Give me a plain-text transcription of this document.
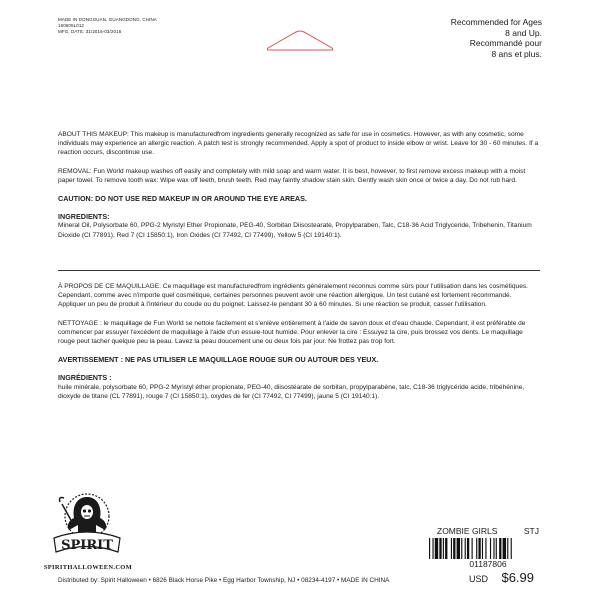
MADE IN DONGGUAN, GUANGDONG, CHINA
160605L012
MFG. DATE: 31/2016-03/2016
Recommended for Ages
8 and Up.
Recommandé pour
8 ans et plus.

ABOUT THIS MAKEUP: This makeup is manufacturedfrom ingredients generally recognized as safe for use in cosmetics. However, as with any cosmetic, some individuals may experience an allergic reaction. A patch test is strongly recommended. Apply a spot of product to inside elbow or wrist. Leave for 30 - 60 minutes. If a reaction occurs, discontinue use.

REMOVAL: Fun World makeup washes off easily and completely with mild soap and warm water. It is best, however, to first remove excess makeup with a moist paper towel. To remove tooth wax: Wipe wax off teeth, brush teeth. Red may faintly shadow stain skin. Gently wash skin once or twice a day. Do not rub hard.

CAUTION: DO NOT USE RED MAKEUP IN OR AROUND THE EYE AREAS.

INGREDIENTS:

Mineral Oil, Polysorbate 60, PPG-2 Myristyl Ether Propionate, PEG-40, Sorbitan Diisostearate, Propylparaben, Talc, C18-36 Acid Triglyceride, Tribehenin, Titanium Dioxide (CI 77891), Red 7 (CI 15850:1), Iron Oxides (CI 77492, CI 77499), Yellow 5 (CI 19140:1).

À PROPOS DE CE MAQUILLAGE: Ce maquillage est manufacturedfrom ingrédients généralement reconnus comme sûrs pour l'utilisation dans les cosmétiques. Cependant, comme avec n'importe quel cosmétique, certaines personnes peuvent avoir une réaction allergique. Un test cutané est fortement recommandé. Appliquer un peu de produit à l'intérieur du coude ou du poignet. Laissez-le pendant 30 à 60 minutes. Si une réaction se produit, casser l'utilisation.

NETTOYAGE : le maquillage de Fun World se nettoie facilement et s'enlève entièrement à l'aide de savon doux et d'eau chaude. Cependant, il est préférable de commencer par essuyer l'excédent de maquillage à l'aide d'un essuie-tout humide. Pour enlever la cire : Essuyez la cire, puis brossez vos dents. Le maquillage rouge peut tacher quelque peu la peau. Lavez la peau doucement une ou deux fois par jour. Ne frottez pas trop fort.

AVERTISSEMENT : NE PAS UTILISER LE MAQUILLAGE ROUGE SUR OU AUTOUR DES YEUX.

INGRÉDIENTS :

huile minérale, polysorbate 60, PPG-2 Myristyl éther propionate, PEG-40, diisostéarate de sorbitan, propylparabène, talc, C18-36 triglycéride acide, tribéhénine, dioxyde de titane (CL 77891), rouge 7 (CI 15850:1), oxydes de fer (CI 77492, CI 77499), jaune 5 (CI 19140:1).

SPIRIT
SPIRITHALLOWEEN.COM
Distributed by: Spirit Halloween • 6826 Black Horse Pike • Egg Harbor Township, NJ • 08234-4197 • MADE IN CHINA
ZOMBIE GIRLS	STJ
01187806
USD $6.99
